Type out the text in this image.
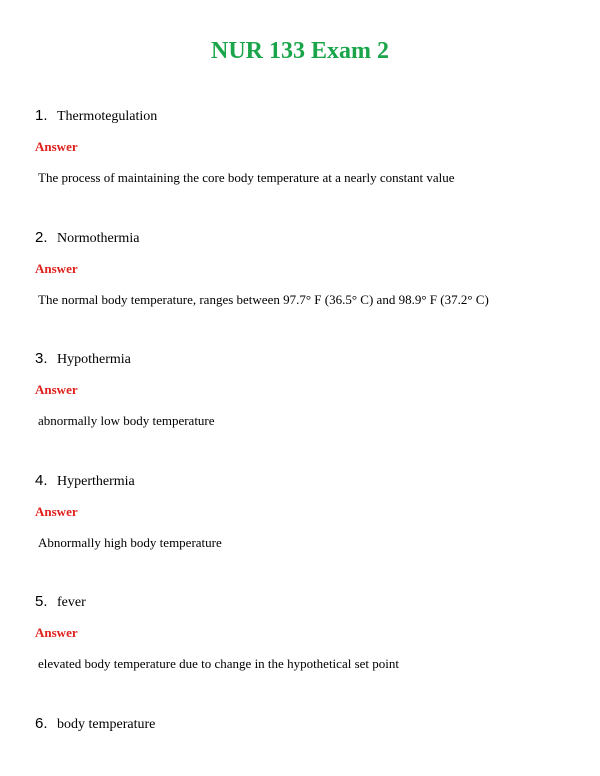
NUR 133 Exam 2
1. Thermotegulation
Answer
The process of maintaining the core body temperature at a nearly constant value
2. Normothermia
Answer
The normal body temperature, ranges between 97.7° F (36.5° C) and 98.9° F (37.2° C)
3. Hypothermia
Answer
abnormally low body temperature
4. Hyperthermia
Answer
Abnormally high body temperature
5. fever
Answer
elevated body temperature due to change in the hypothetical set point
6. body temperature
